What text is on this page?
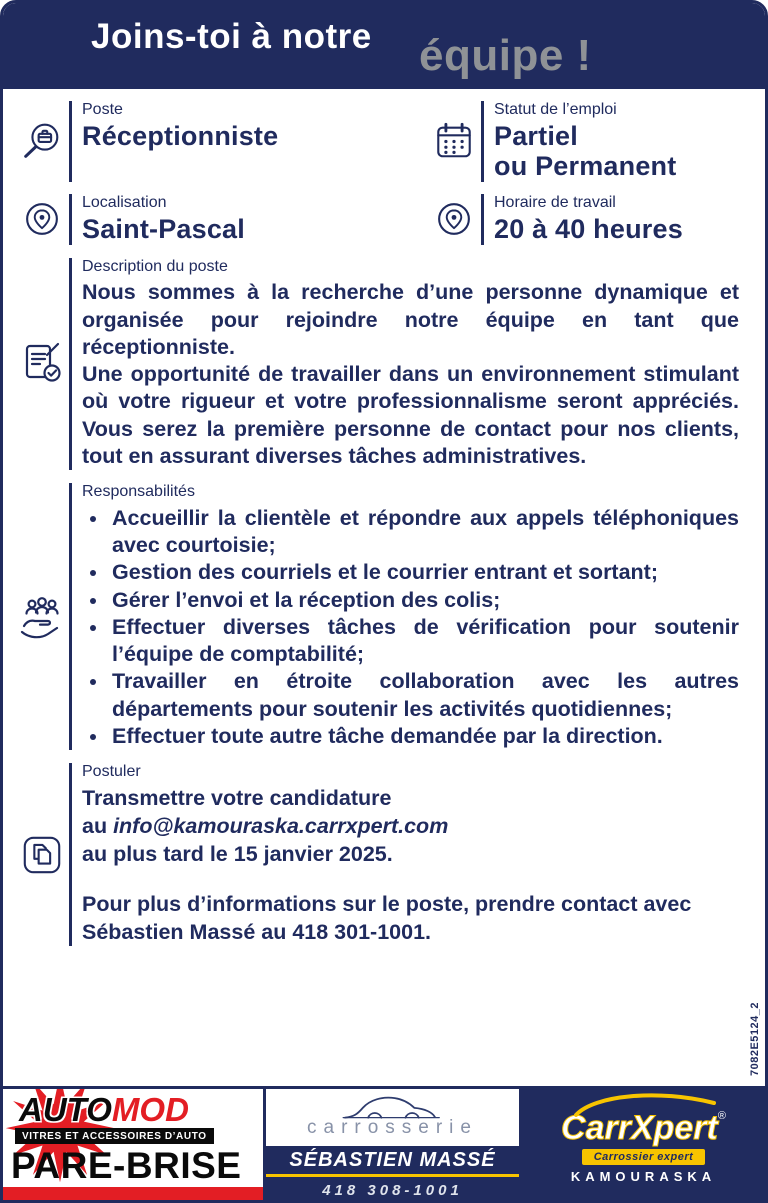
Joins-toi à notre équipe !
Poste
Réceptionniste
Statut de l’emploi
Partiel
ou Permanent
Localisation
Saint-Pascal
Horaire de travail
20 à 40 heures
Description du poste

Nous sommes à la recherche d’une personne dynamique et organisée pour rejoindre notre équipe en tant que réceptionniste.

Une opportunité de travailler dans un environnement stimulant où votre rigueur et votre professionnalisme seront appréciés. Vous serez la première personne de contact pour nos clients, tout en assurant diverses tâches administratives.

Responsabilités
• Accueillir la clientèle et répondre aux appels téléphoniques avec courtoisie;
• Gestion des courriels et le courrier entrant et sortant;
• Gérer l’envoi et la réception des colis;
• Effectuer diverses tâches de vérification pour soutenir l’équipe de comptabilité;
• Travailler en étroite collaboration avec les autres départements pour soutenir les activités quotidiennes;
• Effectuer toute autre tâche demandée par la direction.
Postuler
Transmettre votre candidature
au info@kamouraska.carrxpert.com
au plus tard le 15 janvier 2025.
Pour plus d’informations sur le poste, prendre contact avec Sébastien Massé au 418 301-1001.
7082E5124_2
AUTOMOD
VITRES ET ACCESSOIRES D’AUTO
PARE-BRISE
carrosserie
SÉBASTIEN MASSÉ
418 308-1001
CarrXpert®
Carrossier expert
KAMOURASKA
